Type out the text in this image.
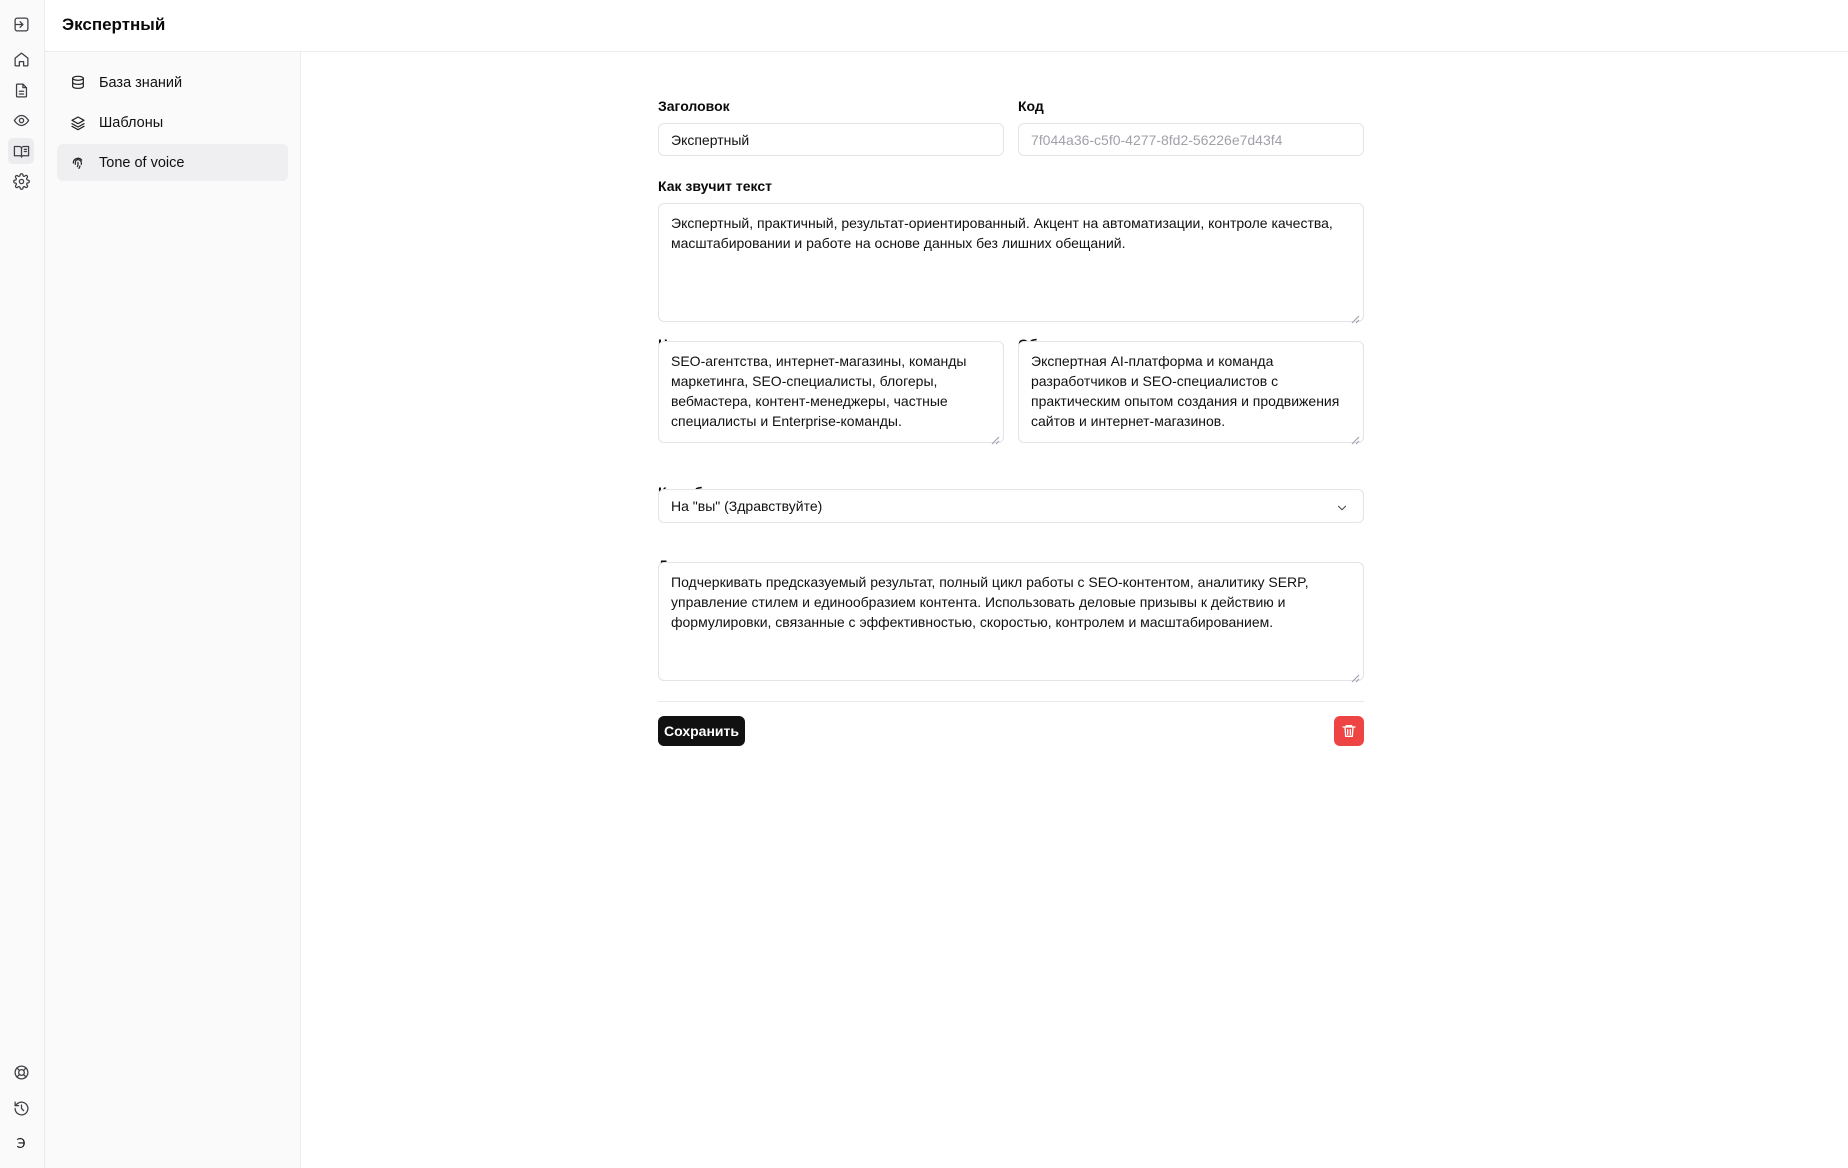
Э
Экспертный
База знаний
Шаблоны
Tone of voice
Заголовок
Экспертный
Код
7f044a36-c5f0-4277-8fd2-56226e7d43f4
Как звучит текст
Экспертный, практичный, результат-ориентированный. Акцент на автоматизации, контроле качества, масштабировании и работе на основе данных без лишних обещаний.
SEO-агентства, интернет-магазины, команды маркетинга, SEO-специалисты, блогеры, вебмастера, контент-менеджеры, частные специалисты и Enterprise-команды.
Экспертная AI-платформа и команда разработчиков и SEO-специалистов с практическим опытом создания и продвижения сайтов и интернет-магазинов.
На "вы" (Здравствуйте)
Подчеркивать предсказуемый результат, полный цикл работы с SEO-контентом, аналитику SERP, управление стилем и единообразием контента. Использовать деловые призывы к действию и формулировки, связанные с эффективностью, скоростью, контролем и масштабированием.
Сохранить
